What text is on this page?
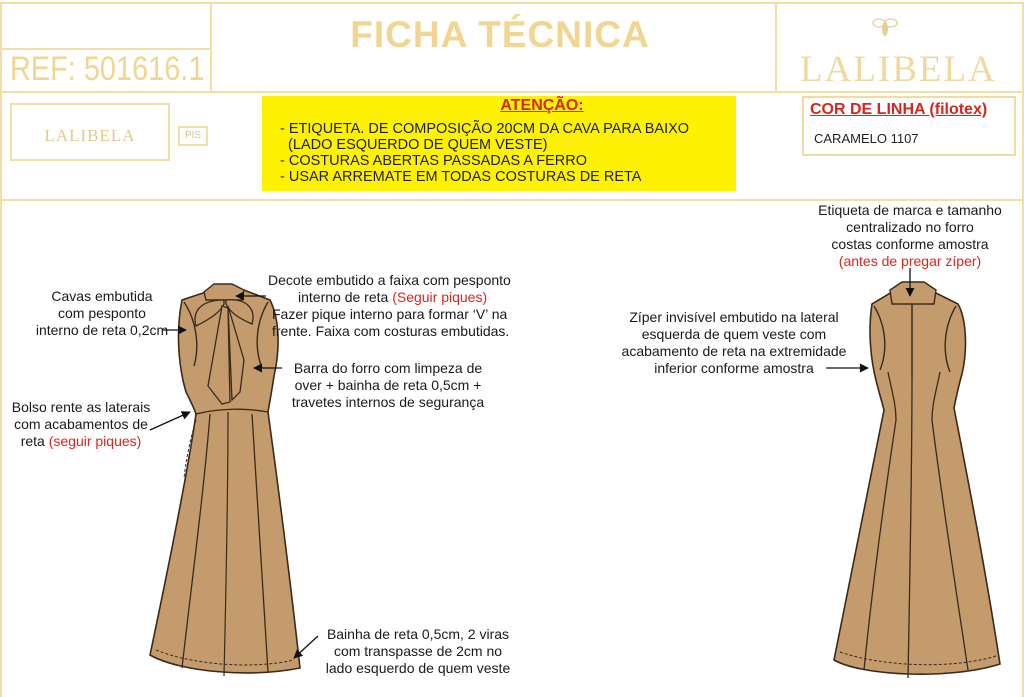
FICHA TÉCNICA
REF: 501616.1	LALIBELA
LALIBELA	PIS
ATENÇÃO:
- ETIQUETA. DE COMPOSIÇÃO 20CM DA CAVA PARA BAIXO
(LADO ESQUERDO DE QUEM VESTE)
- COSTURAS ABERTAS PASSADAS A FERRO
- USAR ARREMATE EM TODAS COSTURAS DE RETA
COR DE LINHA (filotex)
CARAMELO 1107
Cavas embutida
com pesponto
interno de reta 0,2cm
Bolso rente as laterais
com acabamentos de
reta (seguir piques)
Decote embutido a faixa com pesponto
interno de reta (Seguir piques)
Fazer pique interno para formar ‘V’ na
frente. Faixa com costuras embutidas.
Barra do forro com limpeza de
over + bainha de reta 0,5cm +
travetes internos de segurança
Bainha de reta 0,5cm, 2 viras
com transpasse de 2cm no
lado esquerdo de quem veste
Etiqueta de marca e tamanho
centralizado no forro
costas conforme amostra
(antes de pregar zíper)
Zíper invisível embutido na lateral
esquerda de quem veste com
acabamento de reta na extremidade
inferior conforme amostra
